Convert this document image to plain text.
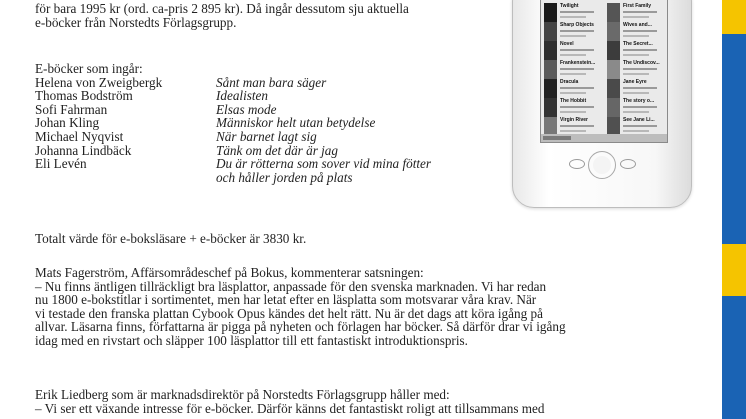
för bara 1995 kr (ord. ca-pris 2 895 kr). Då ingår dessutom sju aktuella
e-böcker från Norstedts Förlagsgrupp.
E-böcker som ingår:
Helena von Zweigbergk	Sånt man bara säger
Thomas Bodström	Idealisten
Sofi Fahrman	Elsas mode
Johan Kling	Människor helt utan betydelse
Michael Nyqvist	När barnet lagt sig
Johanna Lindbäck	Tänk om det där är jag
Eli Levén	Du är rötterna som sover vid mina fötter
och håller jorden på plats
Totalt värde för e-boksläsare + e-böcker är 3830 kr.
Mats Fagerström, Affärsområdeschef på Bokus, kommenterar satsningen:
– Nu finns äntligen tillräckligt bra läsplattor, anpassade för den svenska marknaden. Vi har redan
nu 1800 e-bokstitlar i sortimentet, men har letat efter en läsplatta som motsvarar våra krav. När
vi testade den franska plattan Cybook Opus kändes det helt rätt. Nu är det dags att köra igång på
allvar. Läsarna finns, författarna är pigga på nyheten och förlagen har böcker. Så därför drar vi igång
idag med en rivstart och släpper 100 läsplattor till ett fantastiskt introduktionspris.
Erik Liedberg som är marknadsdirektör på Norstedts Förlagsgrupp håller med:
– Vi ser ett växande intresse för e-böcker. Därför känns det fantastiskt roligt att tillsammans med
Twilight	First Family
Sharp Objects	Wives and...
Novel	The Secret...
Frankenstein...	The Undiscov...
Dracula	Jane Eyre
The Hobbit	The story o...
Virgin River	See Jane Li...
